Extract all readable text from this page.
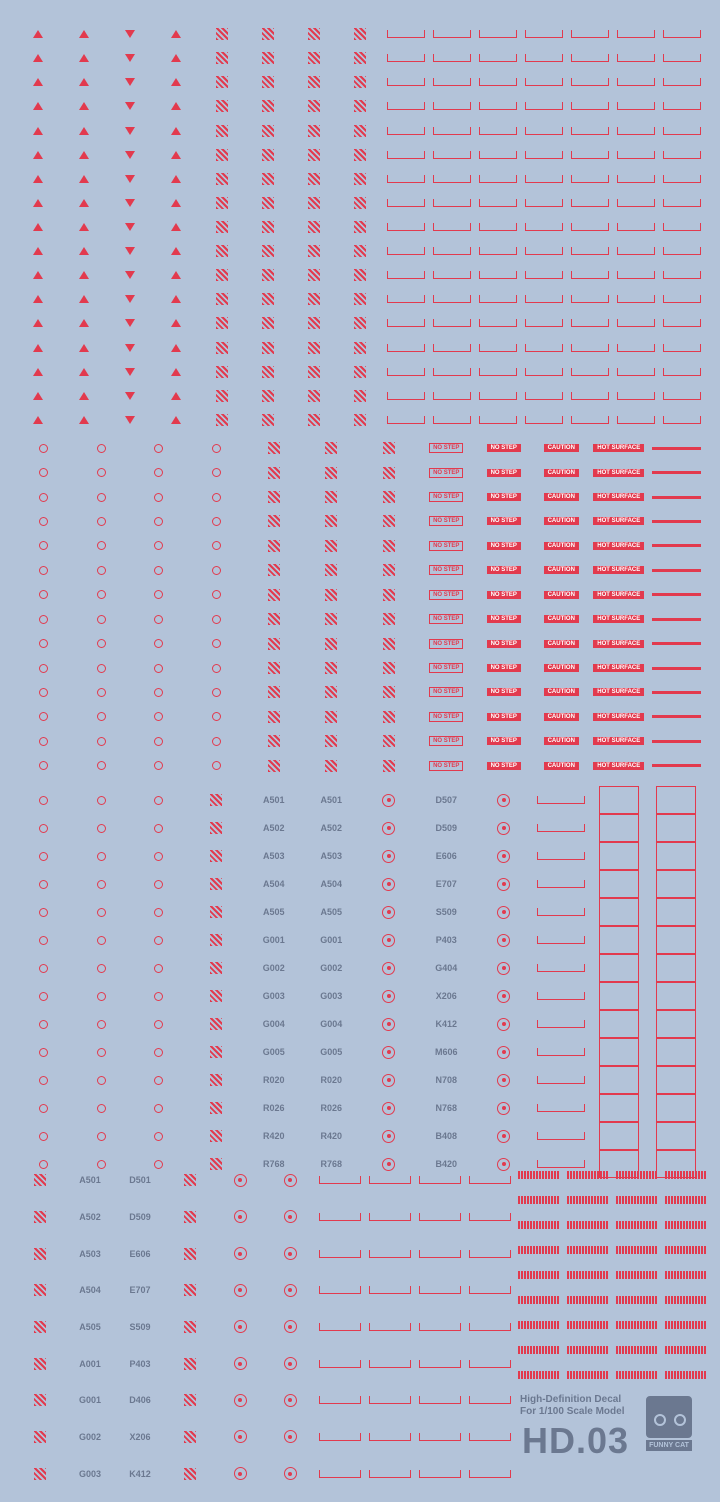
NO STEP	NO STEP	CAUTION	HOT SURFACE
NO STEP	NO STEP	CAUTION	HOT SURFACE
NO STEP	NO STEP	CAUTION	HOT SURFACE
NO STEP	NO STEP	CAUTION	HOT SURFACE
NO STEP	NO STEP	CAUTION	HOT SURFACE
NO STEP	NO STEP	CAUTION	HOT SURFACE
NO STEP	NO STEP	CAUTION	HOT SURFACE
NO STEP	NO STEP	CAUTION	HOT SURFACE
NO STEP	NO STEP	CAUTION	HOT SURFACE
NO STEP	NO STEP	CAUTION	HOT SURFACE
NO STEP	NO STEP	CAUTION	HOT SURFACE
NO STEP	NO STEP	CAUTION	HOT SURFACE
NO STEP	NO STEP	CAUTION	HOT SURFACE
NO STEP	NO STEP	CAUTION	HOT SURFACE
A501	A501	D507
A502	A502	D509
A503	A503	E606
A504	A504	E707
A505	A505	S509
G001	G001	P403
G002	G002	G404
G003	G003	X206
G004	G004	K412
G005	G005	M606
R020	R020	N708
R026	R026	N768
R420	R420	B408
R768	R768	B420
A501	D501
A502	D509
A503	E606
A504	E707
A505	S509
A001	P403
G001	D406
G002	X206
G003	K412
High-Definition Decal
For 1/100 Scale Model
HD.03	FUNNY CAT
